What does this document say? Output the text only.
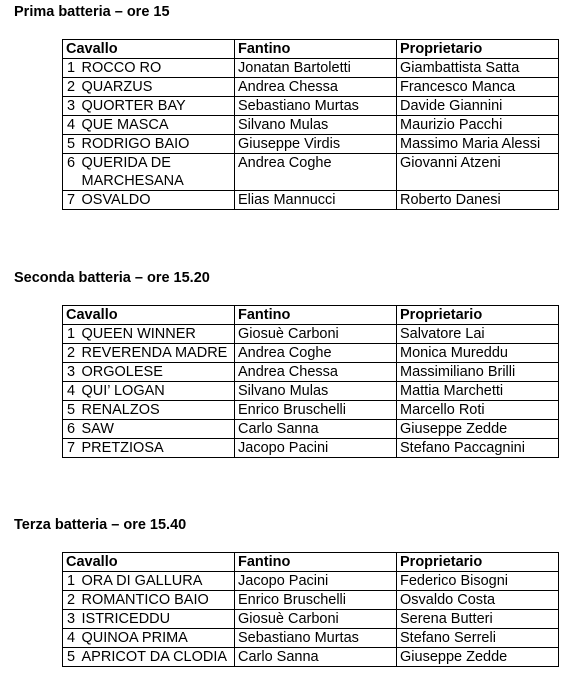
Prima batteria – ore 15
Cavallo		Fantino	Proprietario
1	ROCCO RO	Jonatan Bartoletti	Giambattista Satta
2	QUARZUS	Andrea Chessa	Francesco Manca
3	QUORTER BAY	Sebastiano Murtas	Davide Giannini
4	QUE MASCA	Silvano Mulas	Maurizio Pacchi
5	RODRIGO BAIO	Giuseppe Virdis	Massimo Maria Alessi
6	QUERIDA DE MARCHESANA	Andrea Coghe	Giovanni Atzeni
7	OSVALDO	Elias Mannucci	Roberto Danesi
Seconda batteria – ore 15.20
Cavallo		Fantino	Proprietario
1	QUEEN WINNER	Giosuè Carboni	Salvatore Lai
2	REVERENDA MADRE	Andrea Coghe	Monica Mureddu
3	ORGOLESE	Andrea Chessa	Massimiliano Brilli
4	QUI’ LOGAN	Silvano Mulas	Mattia Marchetti
5	RENALZOS	Enrico Bruschelli	Marcello Roti
6	SAW	Carlo Sanna	Giuseppe Zedde
7	PRETZIOSA	Jacopo Pacini	Stefano Paccagnini
Terza batteria – ore 15.40
Cavallo		Fantino	Proprietario
1	ORA DI GALLURA	Jacopo Pacini	Federico Bisogni
2	ROMANTICO BAIO	Enrico Bruschelli	Osvaldo Costa
3	ISTRICEDDU	Giosuè Carboni	Serena Butteri
4	QUINOA PRIMA	Sebastiano Murtas	Stefano Serreli
5	APRICOT DA CLODIA	Carlo Sanna	Giuseppe Zedde
